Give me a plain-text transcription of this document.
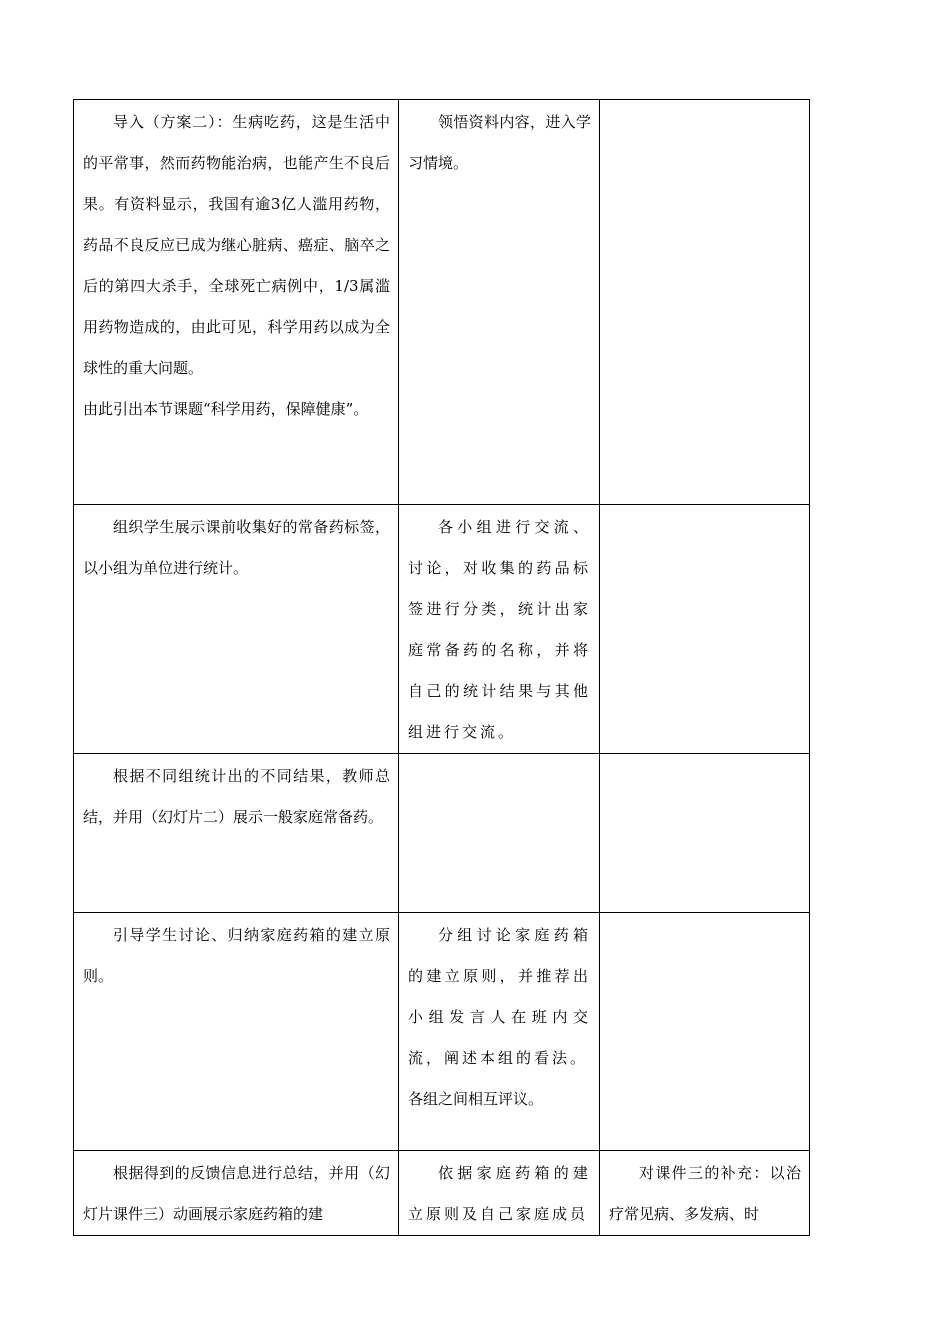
导入（方案二）：生病吃药，这是生活中的平常事，然而药物能治病，也能产生不良后果。有资料显示，我国有逾3亿人滥用药物，药品不良反应已成为继心脏病、癌症、脑卒之后的第四大杀手，全球死亡病例中，1/3属滥用药物造成的，由此可见，科学用药以成为全球性的重大问题。

由此引出本节课题“科学用药，保障健康”。	领悟资料内容，进入学习情境。	

组织学生展示课前收集好的常备药标签，以小组为单位进行统计。	各小组进行交流、讨论，对收集的药品标签进行分类，统计出家庭常备药的名称，并将自己的统计结果与其他组进行交流。	

根据不同组统计出的不同结果，教师总结，并用（幻灯片二）展示一般家庭常备药。		

引导学生讨论、归纳家庭药箱的建立原则。	分组讨论家庭药箱的建立原则，并推荐出小组发言人在班内交流，阐述本组的看法。

各组之间相互评议。	

根据得到的反馈信息进行总结，并用（幻灯片课件三）动画展示家庭药箱的建	依据家庭药箱的建立原则及自己家庭成员	对课件三的补充：以治疗常见病、多发病、时
